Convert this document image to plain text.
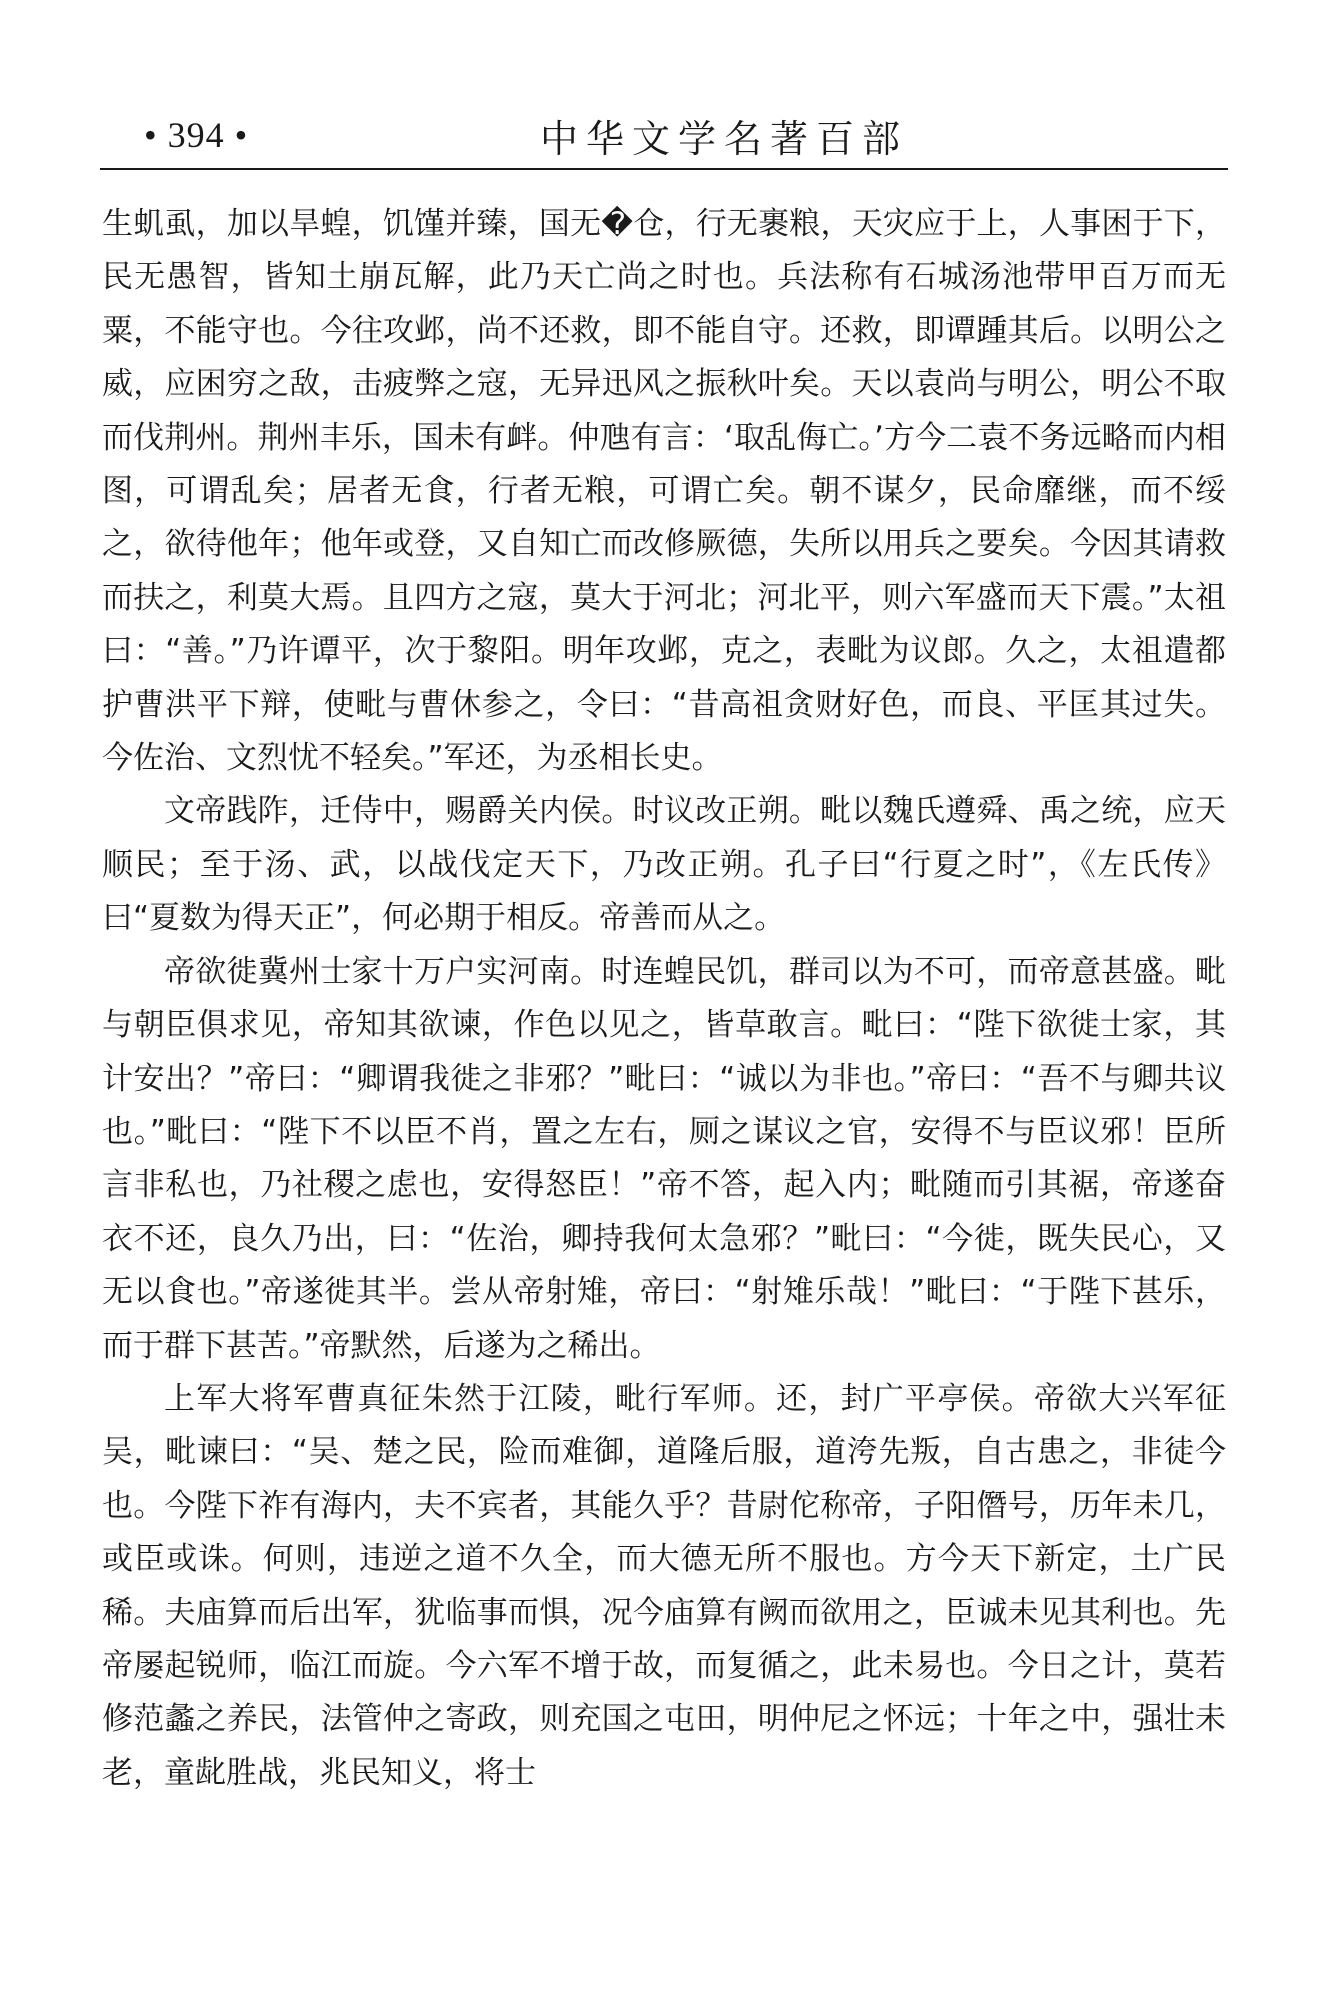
• 394 •	中华文学名著百部

生虮虱，加以旱蝗，饥馑并臻，国无�仓，行无裹粮，天灾应于上，人事困于下，民无愚智，皆知土崩瓦解，此乃天亡尚之时也。兵法称有石城汤池带甲百万而无粟，不能守也。今往攻邺，尚不还救，即不能自守。还救，即谭踵其后。以明公之威，应困穷之敌，击疲弊之寇，无异迅风之振秋叶矣。天以袁尚与明公，明公不取而伐荆州。荆州丰乐，国未有衅。仲虺有言：‘取乱侮亡。’方今二袁不务远略而内相图，可谓乱矣；居者无食，行者无粮，可谓亡矣。朝不谋夕，民命靡继，而不绥之，欲待他年；他年或登，又自知亡而改修厥德，失所以用兵之要矣。今因其请救而扶之，利莫大焉。且四方之寇，莫大于河北；河北平，则六军盛而天下震。”太祖曰：“善。”乃许谭平，次于黎阳。明年攻邺，克之，表毗为议郎。久之，太祖遣都护曹洪平下辩，使毗与曹休参之，令曰：“昔高祖贪财好色，而良、平匡其过失。今佐治、文烈忧不轻矣。”军还，为丞相长史。

文帝践阼，迁侍中，赐爵关内侯。时议改正朔。毗以魏氏遵舜、禹之统，应天顺民；至于汤、武，以战伐定天下，乃改正朔。孔子曰“行夏之时”，《左氏传》曰“夏数为得天正”，何必期于相反。帝善而从之。

帝欲徙冀州士家十万户实河南。时连蝗民饥，群司以为不可，而帝意甚盛。毗与朝臣俱求见，帝知其欲谏，作色以见之，皆草敢言。毗曰：“陛下欲徙士家，其计安出？”帝曰：“卿谓我徙之非邪？”毗曰：“诚以为非也。”帝曰：“吾不与卿共议也。”毗曰：“陛下不以臣不肖，置之左右，厕之谋议之官，安得不与臣议邪！臣所言非私也，乃社稷之虑也，安得怒臣！”帝不答，起入内；毗随而引其裾，帝遂奋衣不还，良久乃出，曰：“佐治，卿持我何太急邪？”毗曰：“今徙，既失民心，又无以食也。”帝遂徙其半。尝从帝射雉，帝曰：“射雉乐哉！”毗曰：“于陛下甚乐，而于群下甚苦。”帝默然，后遂为之稀出。

上军大将军曹真征朱然于江陵，毗行军师。还，封广平亭侯。帝欲大兴军征吴，毗谏曰：“吴、楚之民，险而难御，道隆后服，道洿先叛，自古患之，非徒今也。今陛下祚有海内，夫不宾者，其能久乎？昔尉佗称帝，子阳僭号，历年未几，或臣或诛。何则，违逆之道不久全，而大德无所不服也。方今天下新定，土广民稀。夫庙算而后出军，犹临事而惧，况今庙算有阙而欲用之，臣诚未见其利也。先帝屡起锐师，临江而旋。今六军不增于故，而复循之，此未易也。今日之计，莫若修范蠡之养民，法管仲之寄政，则充国之屯田，明仲尼之怀远；十年之中，强壮未老，童龀胜战，兆民知义，将士
